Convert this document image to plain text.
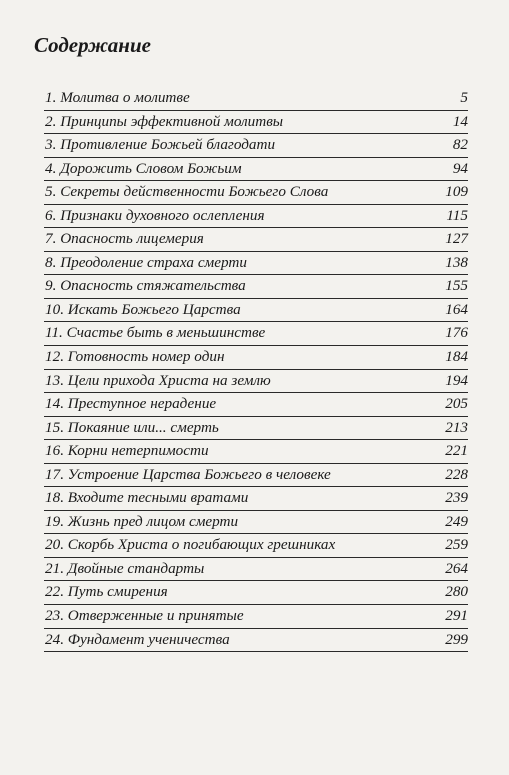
Содержание
1. Молитва о молитве	5
2. Принципы эффективной молитвы	14
3. Противление Божьей благодати	82
4. Дорожить Словом Божьим	94
5. Секреты действенности Божьего Слова	109
6. Признаки духовного ослепления	115
7. Опасность лицемерия	127
8. Преодоление страха смерти	138
9. Опасность стяжательства	155
10. Искать Божьего Царства	164
11. Счастье быть в меньшинстве	176
12. Готовность номер один	184
13. Цели прихода Христа на землю	194
14. Преступное нерадение	205
15. Покаяние или... смерть	213
16. Корни нетерпимости	221
17. Устроение Царства Божьего в человеке	228
18. Входите тесными вратами	239
19. Жизнь пред лицом смерти	249
20. Скорбь Христа о погибающих грешниках	259
21. Двойные стандарты	264
22. Путь смирения	280
23. Отверженные и принятые	291
24. Фундамент ученичества	299
